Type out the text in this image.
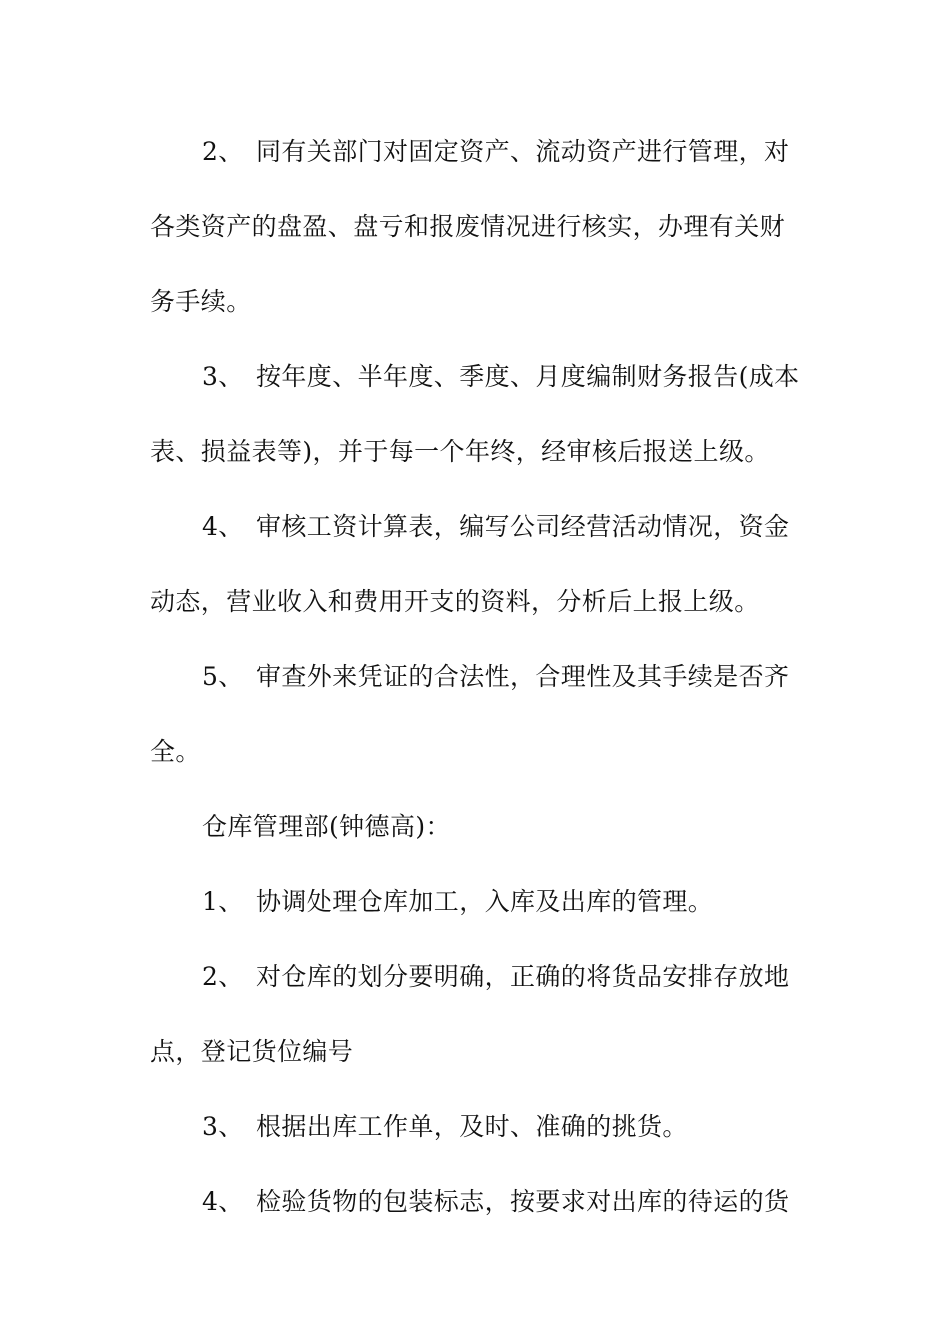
2、 同有关部门对固定资产、流动资产进行管理，对
各类资产的盘盈、盘亏和报废情况进行核实，办理有关财
务手续。
3、 按年度、半年度、季度、月度编制财务报告(成本
表、损益表等)，并于每一个年终，经审核后报送上级。
4、 审核工资计算表，编写公司经营活动情况，资金
动态，营业收入和费用开支的资料，分析后上报上级。
5、 审查外来凭证的合法性，合理性及其手续是否齐
全。
仓库管理部(钟德高)：
1、 协调处理仓库加工，入库及出库的管理。
2、 对仓库的划分要明确，正确的将货品安排存放地
点，登记货位编号
3、 根据出库工作单，及时、准确的挑货。
4、 检验货物的包装标志，按要求对出库的待运的货
